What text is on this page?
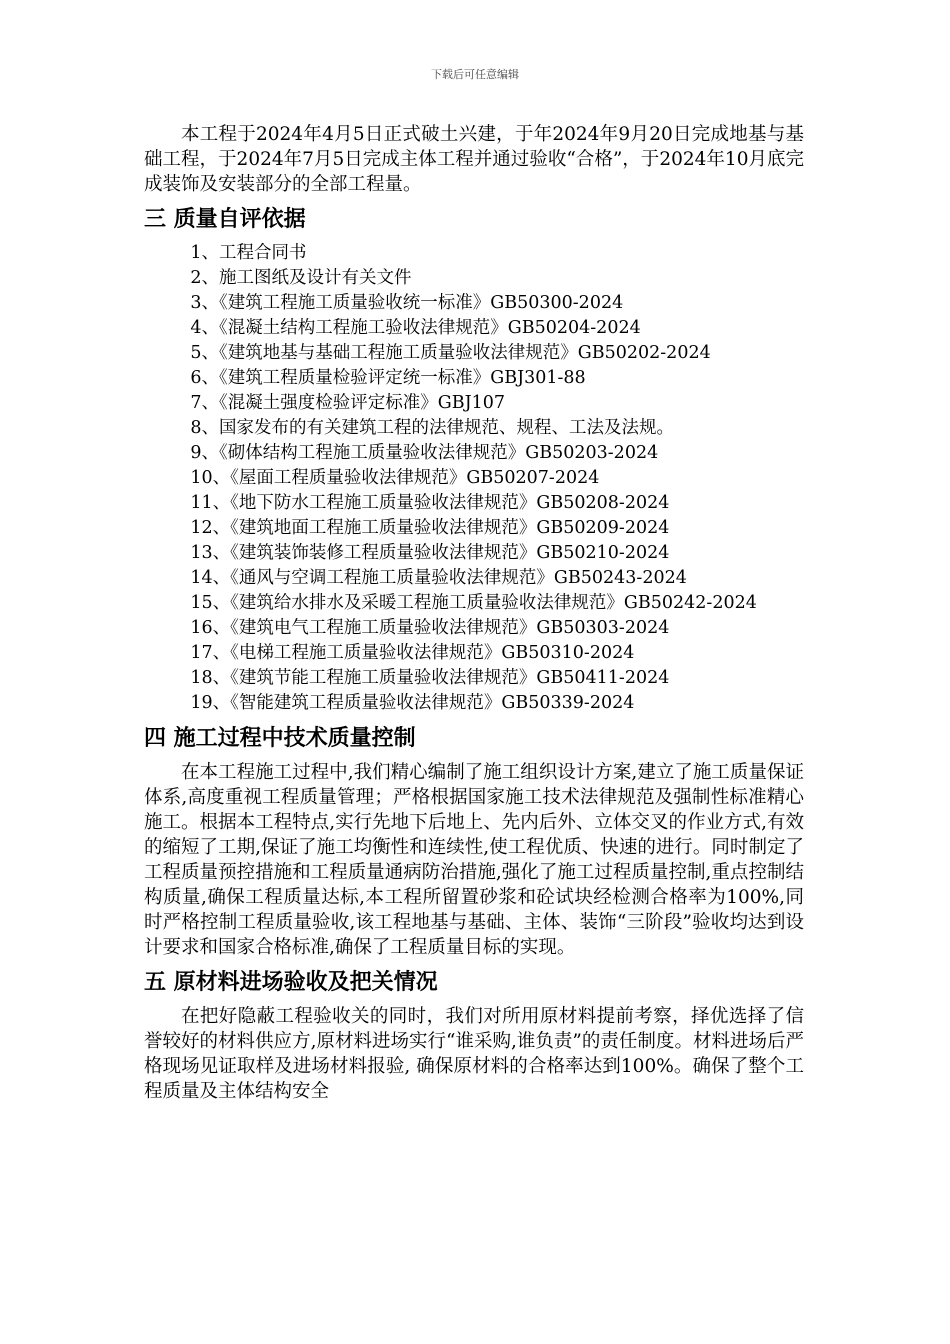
下载后可任意编辑

本工程于2024年4月5日正式破土兴建，于年2024年9月20日完成地基与基础工程，于2024年7月5日完成主体工程并通过验收“合格”，于2024年10月底完成装饰及安装部分的全部工程量。

三 质量自评依据
1、工程合同书
2、施工图纸及设计有关文件
3、《建筑工程施工质量验收统一标准》GB50300-2024
4、《混凝土结构工程施工验收法律规范》GB50204-2024
5、《建筑地基与基础工程施工质量验收法律规范》GB50202-2024
6、《建筑工程质量检验评定统一标准》GBJ301-88
7、《混凝土强度检验评定标准》GBJ107
8、国家发布的有关建筑工程的法律规范、规程、工法及法规。
9、《砌体结构工程施工质量验收法律规范》GB50203-2024
10、《屋面工程质量验收法律规范》GB50207-2024
11、《地下防水工程施工质量验收法律规范》GB50208-2024
12、《建筑地面工程施工质量验收法律规范》GB50209-2024
13、《建筑装饰装修工程质量验收法律规范》GB50210-2024
14、《通风与空调工程施工质量验收法律规范》GB50243-2024
15、《建筑给水排水及采暖工程施工质量验收法律规范》GB50242-2024
16、《建筑电气工程施工质量验收法律规范》GB50303-2024
17、《电梯工程施工质量验收法律规范》GB50310-2024
18、《建筑节能工程施工质量验收法律规范》GB50411-2024
19、《智能建筑工程质量验收法律规范》GB50339-2024
四 施工过程中技术质量控制

在本工程施工过程中,我们精心编制了施工组织设计方案,建立了施工质量保证体系,高度重视工程质量管理；严格根据国家施工技术法律规范及强制性标准精心施工。根据本工程特点,实行先地下后地上、先内后外、立体交叉的作业方式,有效的缩短了工期,保证了施工均衡性和连续性,使工程优质、快速的进行。同时制定了工程质量预控措施和工程质量通病防治措施,强化了施工过程质量控制,重点控制结构质量,确保工程质量达标,本工程所留置砂浆和砼试块经检测合格率为100%,同时严格控制工程质量验收,该工程地基与基础、主体、装饰“三阶段”验收均达到设计要求和国家合格标准,确保了工程质量目标的实现。

五 原材料进场验收及把关情况

在把好隐蔽工程验收关的同时，我们对所用原材料提前考察，择优选择了信誉较好的材料供应方,原材料进场实行“谁采购,谁负责”的责任制度。材料进场后严格现场见证取样及进场材料报验, 确保原材料的合格率达到100%。确保了整个工程质量及主体结构安全
